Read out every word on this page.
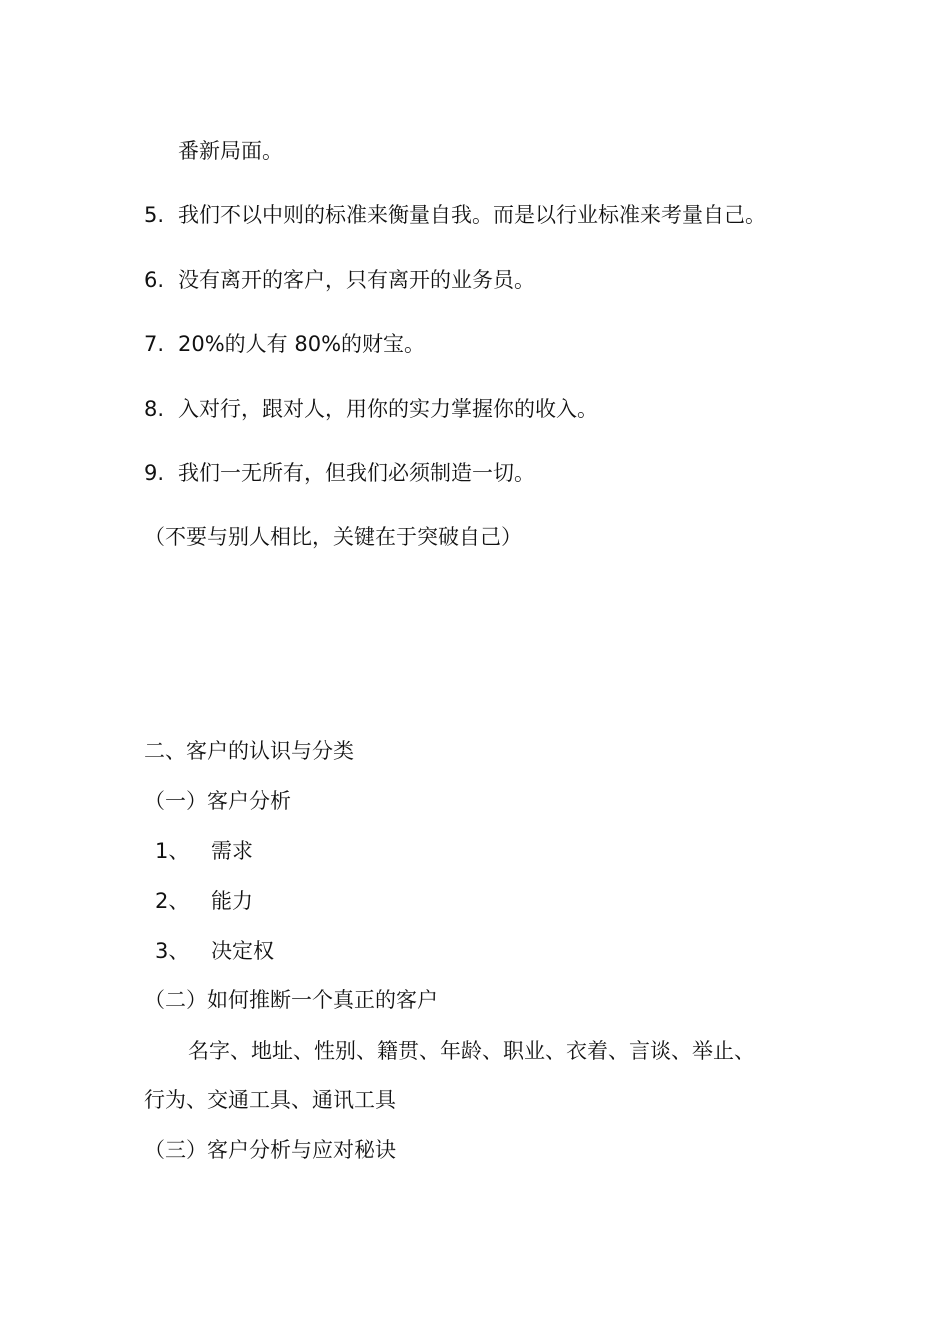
番新局面。
5. 我们不以中则的标准来衡量自我。而是以行业标准来考量自己。
6. 没有离开的客户，只有离开的业务员。
7. 20%的人有 80%的财宝。
8. 入对行，跟对人，用你的实力掌握你的收入。
9. 我们一无所有，但我们必须制造一切。
（不要与别人相比，关键在于突破自己）
二、客户的认识与分类
（一）客户分析
1、 需求
2、 能力
3、 决定权
（二）如何推断一个真正的客户
名字、地址、性别、籍贯、年龄、职业、衣着、言谈、举止、
行为、交通工具、通讯工具
（三）客户分析与应对秘诀
